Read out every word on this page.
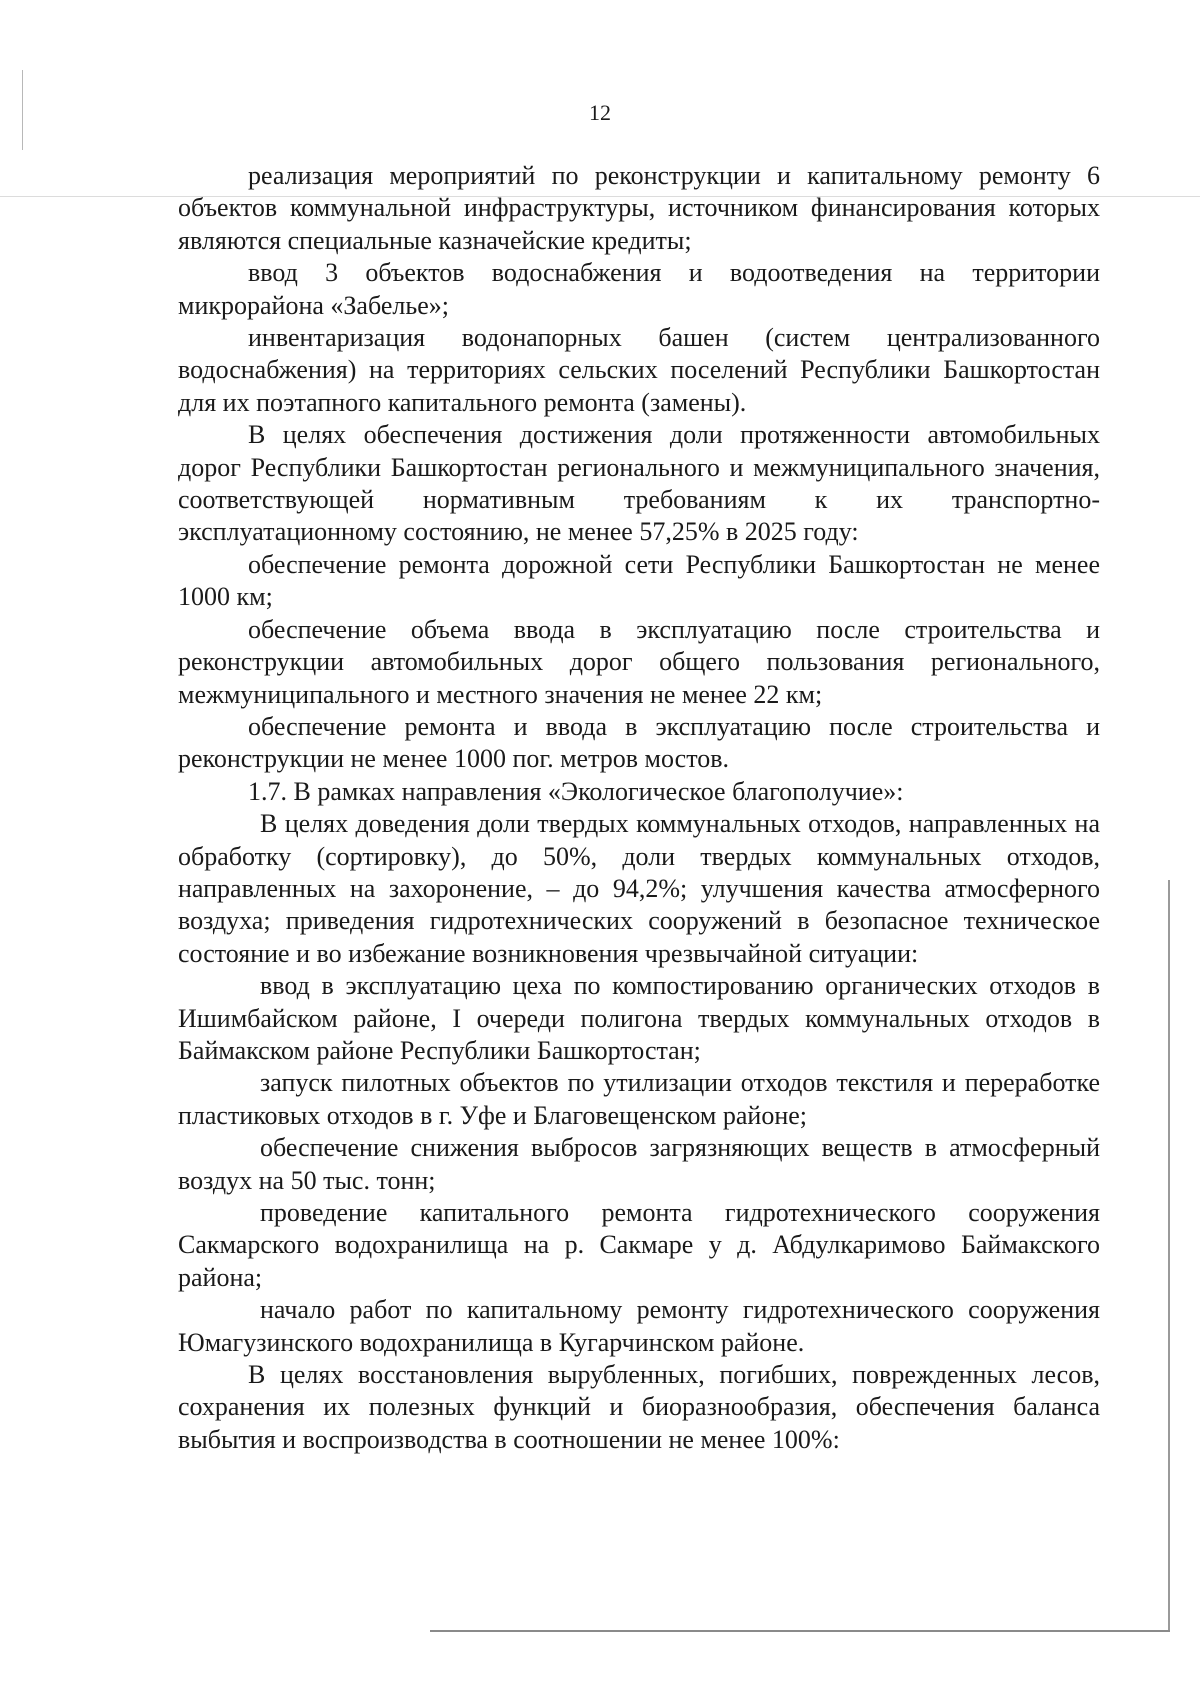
12

реализация мероприятий по реконструкции и капитальному ремонту 6 объектов коммунальной инфраструктуры, источником финансирования которых являются специальные казначейские кредиты;

ввод 3 объектов водоснабжения и водоотведения на территории микрорайона «Забелье»;

инвентаризация водонапорных башен (систем централизованного водоснабжения) на территориях сельских поселений Республики Башкортостан для их поэтапного капитального ремонта (замены).

В целях обеспечения достижения доли протяженности автомобильных дорог Республики Башкортостан регионального и межмуниципального значения, соответствующей нормативным требованиям к их транспортно-эксплуатационному состоянию, не менее 57,25% в 2025 году:

обеспечение ремонта дорожной сети Республики Башкортостан не менее 1000 км;

обеспечение объема ввода в эксплуатацию после строительства и реконструкции автомобильных дорог общего пользования регионального, межмуниципального и местного значения не менее 22 км;

обеспечение ремонта и ввода в эксплуатацию после строительства и реконструкции не менее 1000 пог. метров мостов.

1.7. В рамках направления «Экологическое благополучие»:

В целях доведения доли твердых коммунальных отходов, направленных на обработку (сортировку), до 50%, доли твердых коммунальных отходов, направленных на захоронение, – до 94,2%; улучшения качества атмосферного воздуха; приведения гидротехнических сооружений в безопасное техническое состояние и во избежание возникновения чрезвычайной ситуации:

ввод в эксплуатацию цеха по компостированию органических отходов в Ишимбайском районе, I очереди полигона твердых коммунальных отходов в Баймакском районе Республики Башкортостан;

запуск пилотных объектов по утилизации отходов текстиля и переработке пластиковых отходов в г. Уфе и Благовещенском районе;

обеспечение снижения выбросов загрязняющих веществ в атмосферный воздух на 50 тыс. тонн;

проведение капитального ремонта гидротехнического сооружения Сакмарского водохранилища на р. Сакмаре у д. Абдулкаримово Баймакского района;

начало работ по капитальному ремонту гидротехнического сооружения Юмагузинского водохранилища в Кугарчинском районе.

В целях восстановления вырубленных, погибших, поврежденных лесов, сохранения их полезных функций и биоразнообразия, обеспечения баланса выбытия и воспроизводства в соотношении не менее 100%:
